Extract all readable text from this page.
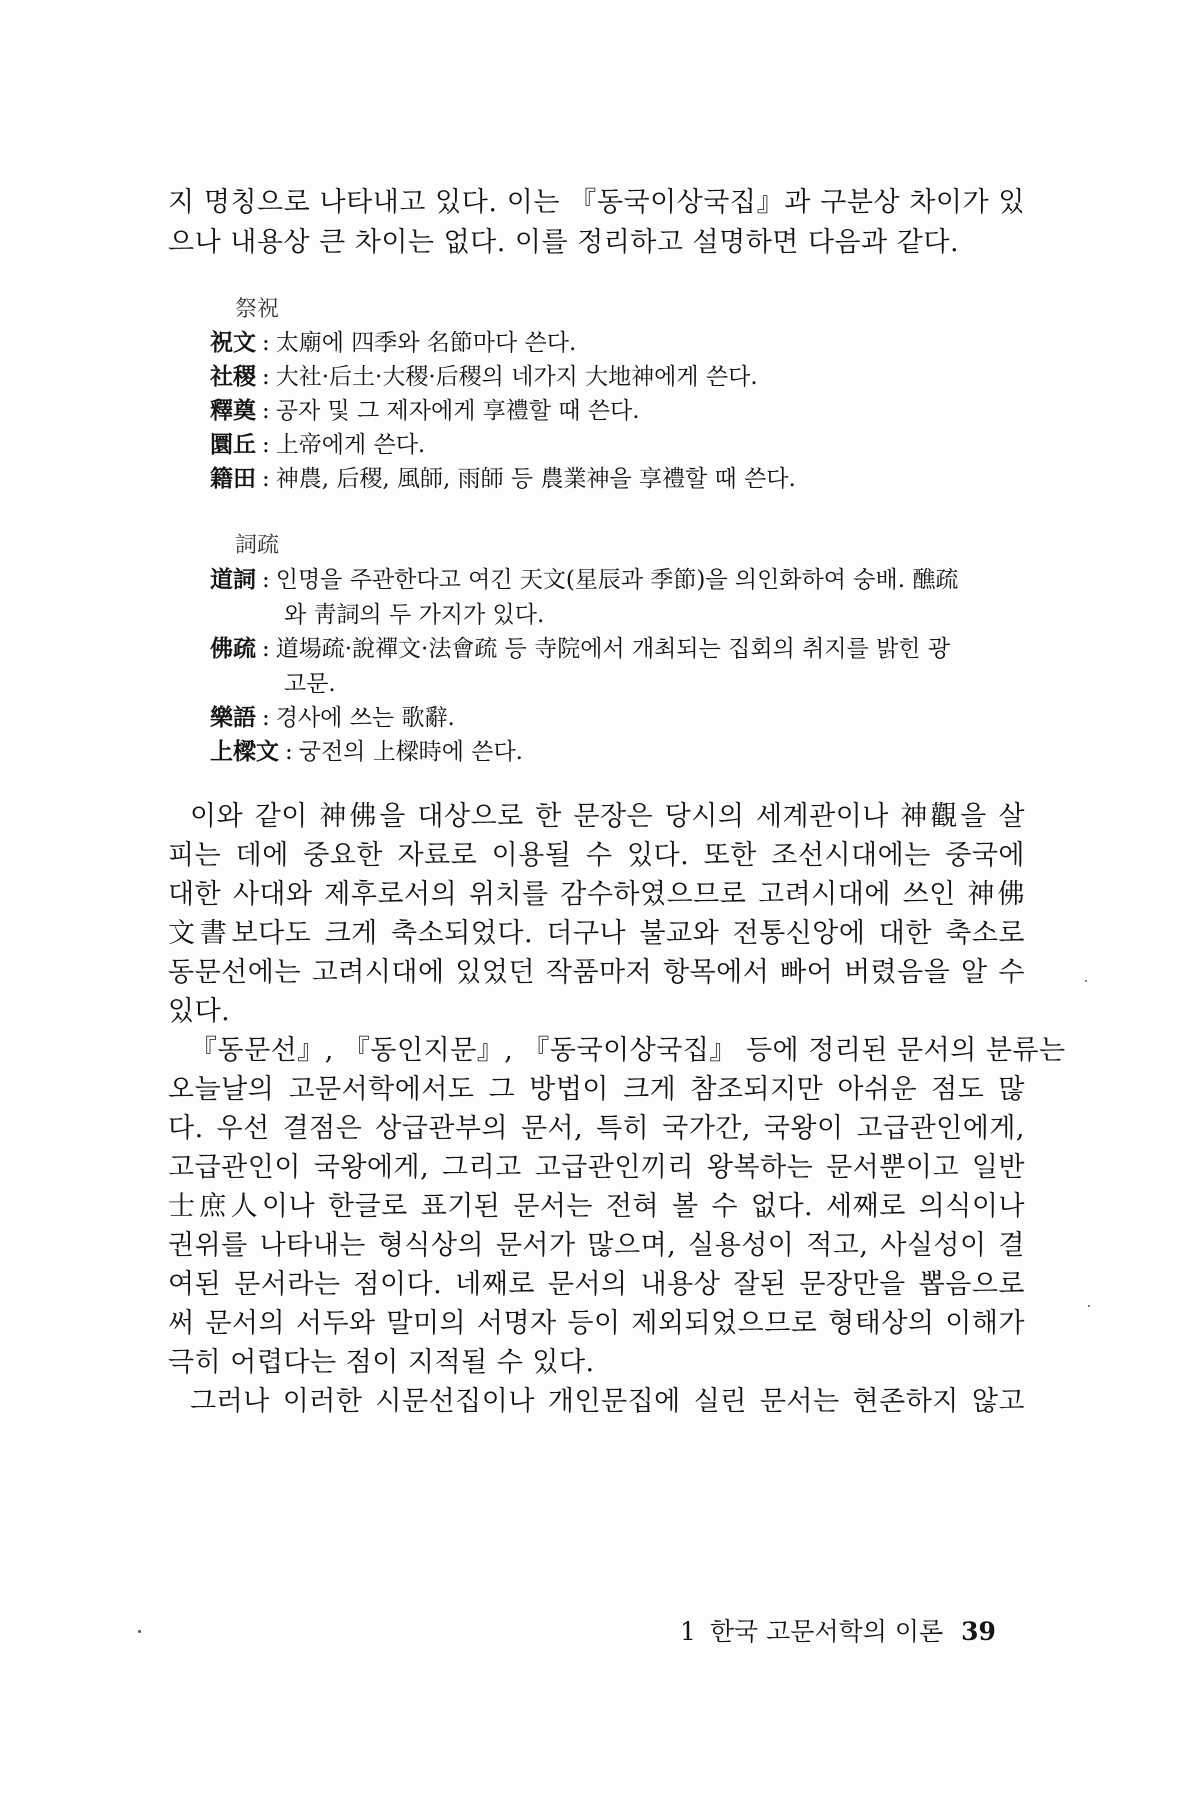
지 명칭으로 나타내고 있다. 이는 『동국이상국집』과 구분상 차이가 있
으나 내용상 큰 차이는 없다. 이를 정리하고 설명하면 다음과 같다.
祭祝
祝文 : 太廟에 四季와 名節마다 쓴다.
社稷 : 大社·后土·大稷·后稷의 네가지 大地神에게 쓴다.
釋奠 : 공자 및 그 제자에게 享禮할 때 쓴다.
圜丘 : 上帝에게 쓴다.
籍田 : 神農, 后稷, 風師, 雨師 등 農業神을 享禮할 때 쓴다.
詞疏
道詞 : 인명을 주관한다고 여긴 天文(星辰과 季節)을 의인화하여 숭배. 醮疏
와 靑詞의 두 가지가 있다.
佛疏 : 道場疏·說禪文·法會疏 등 寺院에서 개최되는 집회의 취지를 밝힌 광
고문.
樂語 : 경사에 쓰는 歌辭.
上樑文 : 궁전의 上樑時에 쓴다.
이와 같이 神佛을 대상으로 한 문장은 당시의 세계관이나 神觀을 살
피는 데에 중요한 자료로 이용될 수 있다. 또한 조선시대에는 중국에
대한 사대와 제후로서의 위치를 감수하였으므로 고려시대에 쓰인 神佛
文書보다도 크게 축소되었다. 더구나 불교와 전통신앙에 대한 축소로
동문선에는 고려시대에 있었던 작품마저 항목에서 빠어 버렸음을 알 수
있다.
『동문선』, 『동인지문』, 『동국이상국집』 등에 정리된 문서의 분류는
오늘날의 고문서학에서도 그 방법이 크게 참조되지만 아쉬운 점도 많
다. 우선 결점은 상급관부의 문서, 특히 국가간, 국왕이 고급관인에게,
고급관인이 국왕에게, 그리고 고급관인끼리 왕복하는 문서뿐이고 일반
士庶人이나 한글로 표기된 문서는 전혀 볼 수 없다. 세째로 의식이나
권위를 나타내는 형식상의 문서가 많으며, 실용성이 적고, 사실성이 결
여된 문서라는 점이다. 네째로 문서의 내용상 잘된 문장만을 뽑음으로
써 문서의 서두와 말미의 서명자 등이 제외되었으므로 형태상의 이해가
극히 어렵다는 점이 지적될 수 있다.
그러나 이러한 시문선집이나 개인문집에 실린 문서는 현존하지 않고
1 한국 고문서학의 이론 39
